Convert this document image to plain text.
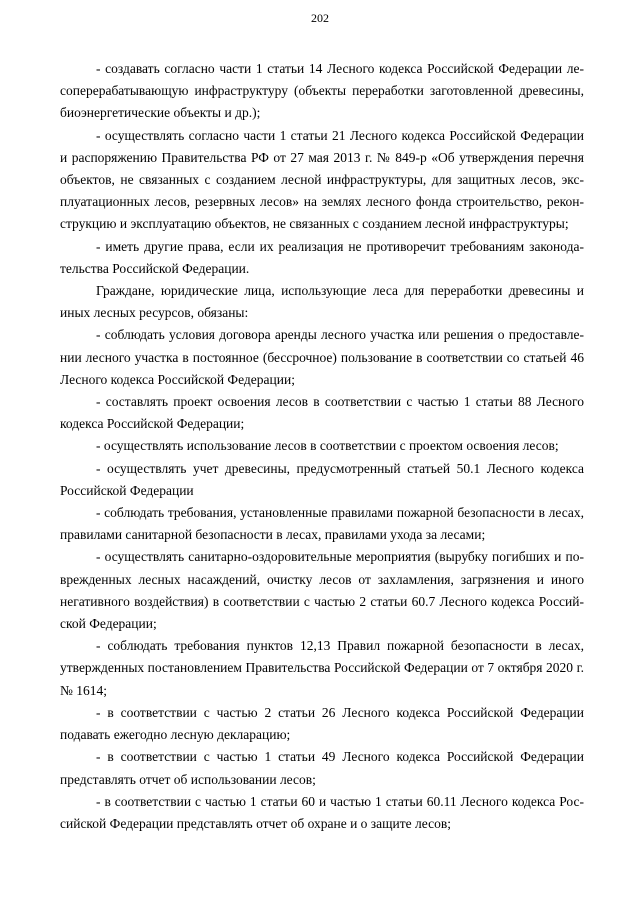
202

- создавать согласно части 1 статьи 14 Лесного кодекса Российской Федерации лесоперерабатывающую инфраструктуру (объекты переработки заготовленной древесины, биоэнергетические объекты и др.);

- осуществлять согласно части 1 статьи 21 Лесного кодекса Российской Федерации и распоряжению Правительства РФ от 27 мая 2013 г. № 849-р «Об утверждения перечня объектов, не связанных с созданием лесной инфраструктуры, для защитных лесов, эксплуатационных лесов, резервных лесов» на землях лесного фонда строительство, реконструкцию и эксплуатацию объектов, не связанных с созданием лесной инфраструктуры;

- иметь другие права, если их реализация не противоречит требованиям законодательства Российской Федерации.

Граждане, юридические лица, использующие леса для переработки древесины и иных лесных ресурсов, обязаны:

- соблюдать условия договора аренды лесного участка или решения о предоставлении лесного участка в постоянное (бессрочное) пользование в соответствии со статьей 46 Лесного кодекса Российской Федерации;

- составлять проект освоения лесов в соответствии с частью 1 статьи 88 Лесного кодекса Российской Федерации;

- осуществлять использование лесов в соответствии с проектом освоения лесов;

- осуществлять учет древесины, предусмотренный статьей 50.1 Лесного кодекса Российской Федерации

- соблюдать требования, установленные правилами пожарной безопасности в лесах, правилами санитарной безопасности в лесах, правилами ухода за лесами;

- осуществлять санитарно-оздоровительные мероприятия (вырубку погибших и поврежденных лесных насаждений, очистку лесов от захламления, загрязнения и иного негативного воздействия) в соответствии с частью 2 статьи 60.7 Лесного кодекса Российской Федерации;

- соблюдать требования пунктов 12,13 Правил пожарной безопасности в лесах, утвержденных постановлением Правительства Российской Федерации от 7 октября 2020 г. № 1614;

- в соответствии с частью 2 статьи 26 Лесного кодекса Российской Федерации подавать ежегодно лесную декларацию;

- в соответствии с частью 1 статьи 49 Лесного кодекса Российской Федерации представлять отчет об использовании лесов;

- в соответствии с частью 1 статьи 60 и частью 1 статьи 60.11 Лесного кодекса Российской Федерации представлять отчет об охране и о защите лесов;
